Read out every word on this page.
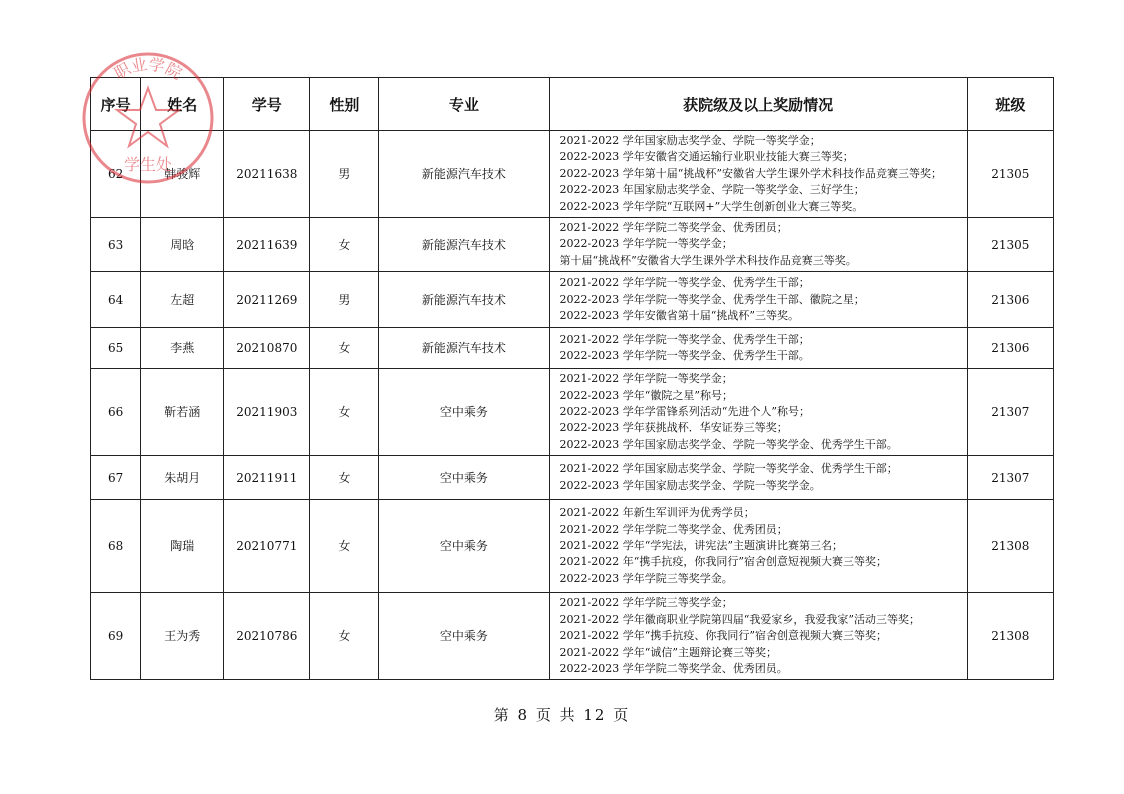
序号	姓名	学号	性别	专业	获院级及以上奖励情况	班级
62	韩骏辉	20211638	男	新能源汽车技术	2021-2022 学年国家励志奖学金、学院一等奖学金；
2022-2023 学年安徽省交通运输行业职业技能大赛三等奖；
2022-2023 学年第十届“挑战杯”安徽省大学生课外学术科技作品竞赛三等奖；
2022-2023 年国家励志奖学金、学院一等奖学金、三好学生；
2022-2023 学年学院“互联网+”大学生创新创业大赛三等奖。	21305
63	周晗	20211639	女	新能源汽车技术	2021-2022 学年学院二等奖学金、优秀团员；
2022-2023 学年学院一等奖学金；
第十届“挑战杯”安徽省大学生课外学术科技作品竞赛三等奖。	21305
64	左超	20211269	男	新能源汽车技术	2021-2022 学年学院一等奖学金、优秀学生干部；
2022-2023 学年学院一等奖学金、优秀学生干部、徽院之星；
2022-2023 学年安徽省第十届“挑战杯”三等奖。	21306
65	李燕	20210870	女	新能源汽车技术	2021-2022 学年学院一等奖学金、优秀学生干部；
2022-2023 学年学院一等奖学金、优秀学生干部。	21306
66	靳若涵	20211903	女	空中乘务	2021-2022 学年学院一等奖学金；
2022-2023 学年“徽院之星”称号；
2022-2023 学年学雷锋系列活动“先进个人”称号；
2022-2023 学年获挑战杯．华安证券三等奖；
2022-2023 学年国家励志奖学金、学院一等奖学金、优秀学生干部。	21307
67	朱胡月	20211911	女	空中乘务	2021-2022 学年国家励志奖学金、学院一等奖学金、优秀学生干部；
2022-2023 学年国家励志奖学金、学院一等奖学金。	21307
68	陶瑞	20210771	女	空中乘务	2021-2022 年新生军训评为优秀学员；
2021-2022 学年学院二等奖学金、优秀团员；
2021-2022 学年“学宪法，讲宪法”主题演讲比赛第三名；
2021-2022 年“携手抗疫，你我同行”宿舍创意短视频大赛三等奖；
2022-2023 学年学院三等奖学金。	21308
69	王为秀	20210786	女	空中乘务	2021-2022 学年学院三等奖学金；
2021-2022 学年徽商职业学院第四届“我爱家乡，我爱我家”活动三等奖；
2021-2022 学年“携手抗疫、你我同行”宿舍创意视频大赛三等奖；
2021-2022 学年“诚信”主题辩论赛三等奖；
2022-2023 学年学院二等奖学金、优秀团员。	21308
职业学院
学生处
第 8 页 共 12 页
